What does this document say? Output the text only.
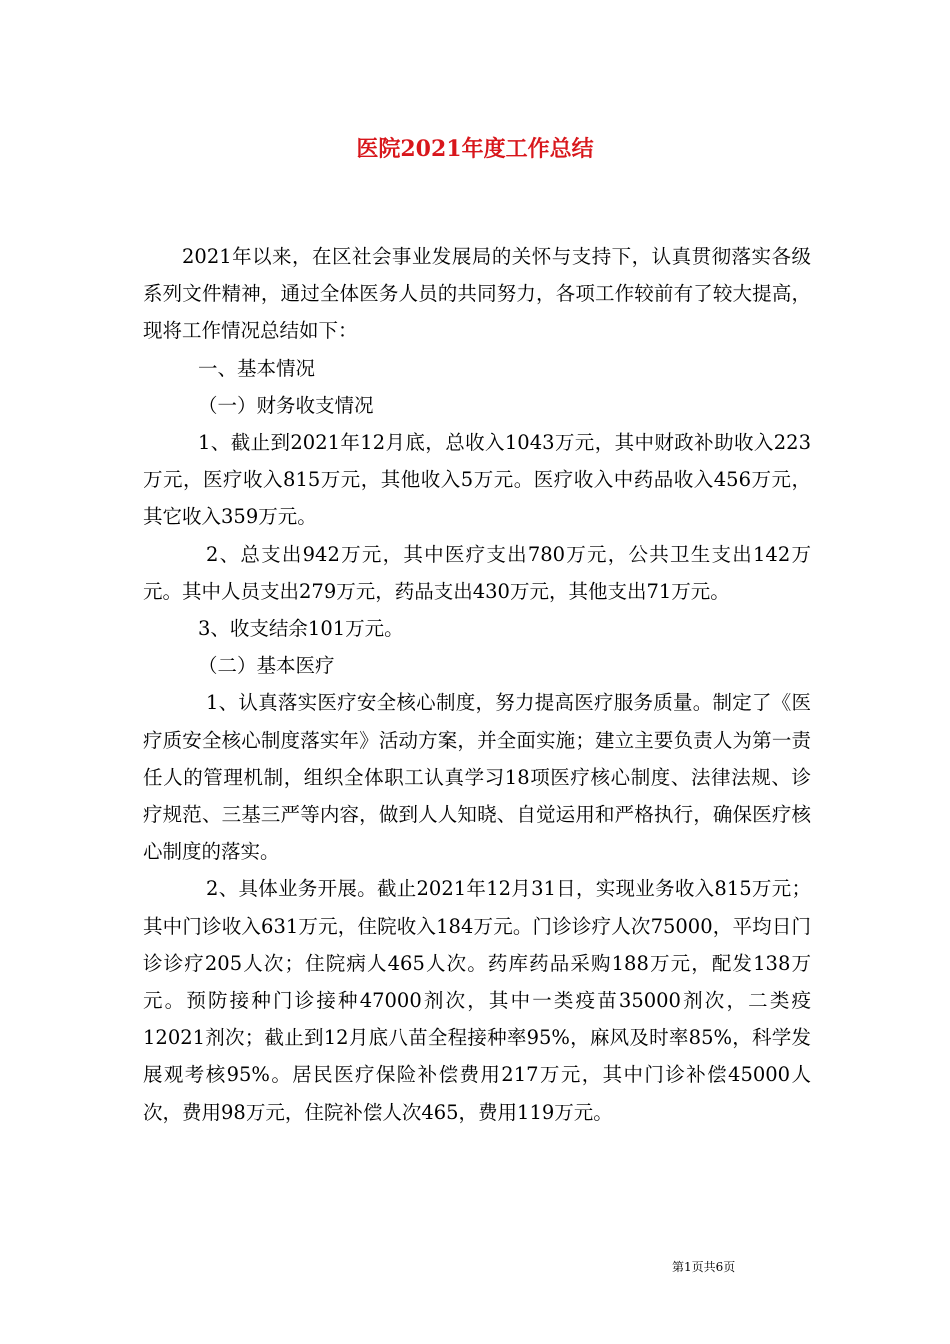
医院2021年度工作总结

2021年以来，在区社会事业发展局的关怀与支持下，认真贯彻落实各级系列文件精神，通过全体医务人员的共同努力，各项工作较前有了较大提高，现将工作情况总结如下：

一、基本情况

（一）财务收支情况

1、截止到2021年12月底，总收入1043万元，其中财政补助收入223万元，医疗收入815万元，其他收入5万元。医疗收入中药品收入456万元，其它收入359万元。

2、总支出942万元，其中医疗支出780万元，公共卫生支出142万元。其中人员支出279万元，药品支出430万元，其他支出71万元。

3、收支结余101万元。

（二）基本医疗

1、认真落实医疗安全核心制度，努力提高医疗服务质量。制定了《医疗质安全核心制度落实年》活动方案，并全面实施；建立主要负责人为第一责任人的管理机制，组织全体职工认真学习18项医疗核心制度、法律法规、诊疗规范、三基三严等内容，做到人人知晓、自觉运用和严格执行，确保医疗核心制度的落实。

2、具体业务开展。截止2021年12月31日，实现业务收入815万元；其中门诊收入631万元，住院收入184万元。门诊诊疗人次75000，平均日门诊诊疗205人次；住院病人465人次。药库药品采购188万元，配发138万元。预防接种门诊接种47000剂次，其中一类疫苗35000剂次，二类疫12021剂次；截止到12月底八苗全程接种率95%，麻风及时率85%，科学发展观考核95%。居民医疗保险补偿费用217万元，其中门诊补偿45000人次，费用98万元，住院补偿人次465，费用119万元。

第1页共6页
